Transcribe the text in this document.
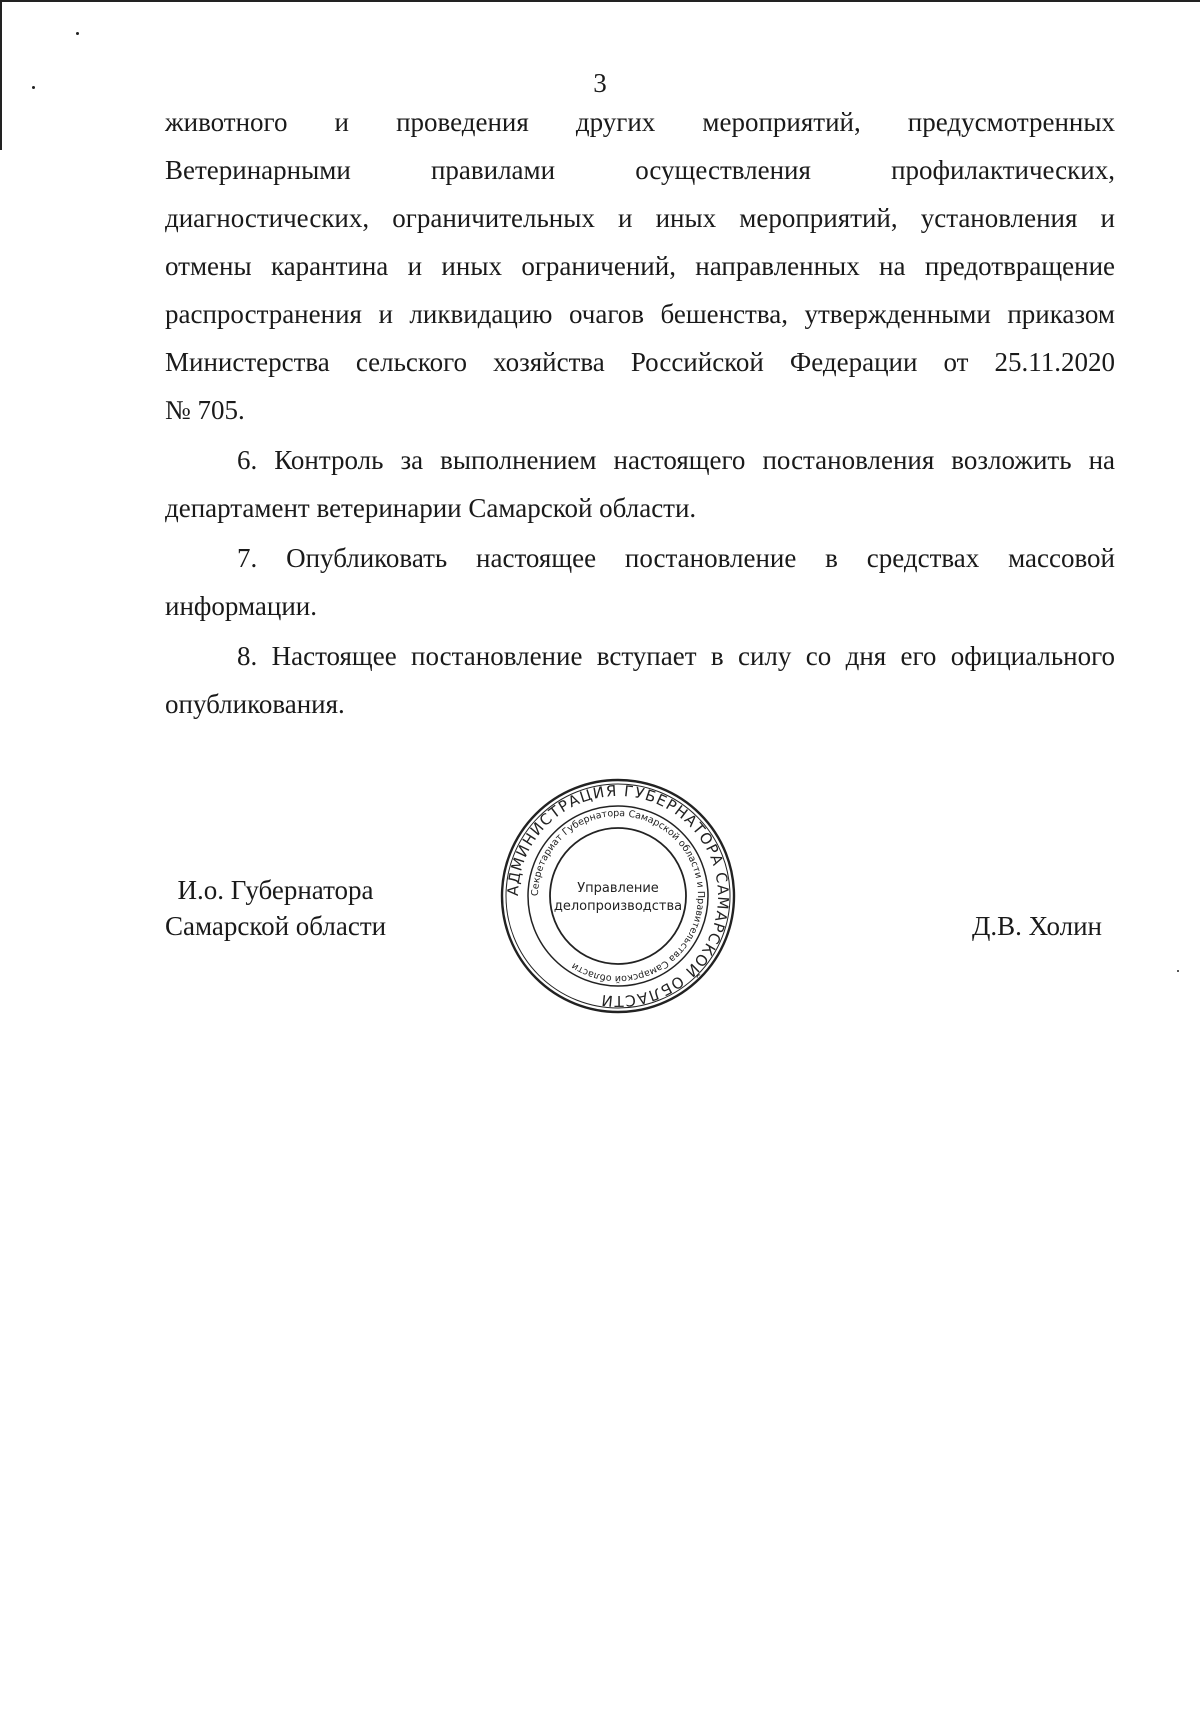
3

животного и проведения других мероприятий, предусмотренных

Ветеринарными правилами осуществления профилактических,

диагностических, ограничительных и иных мероприятий, установления и

отмены карантина и иных ограничений, направленных на предотвращение

распространения и ликвидацию очагов бешенства, утвержденными приказом

Министерства сельского хозяйства Российской Федерации от 25.11.2020

№ 705.

6. Контроль за выполнением настоящего постановления возложить на департамент ветеринарии Самарской области.

7. Опубликовать настоящее постановление в средствах массовой информации.

8. Настоящее постановление вступает в силу со дня его официального опубликования.

И.о. Губернатора
Самарской области
АДМИНИСТРАЦИЯ ГУБЕРНАТОРА САМАРСКОЙ ОБЛАСТИ
Секретариат Губернатора Самарской области и Правительства Самарской области
Управление
делопроизводства
Д.В. Холин
